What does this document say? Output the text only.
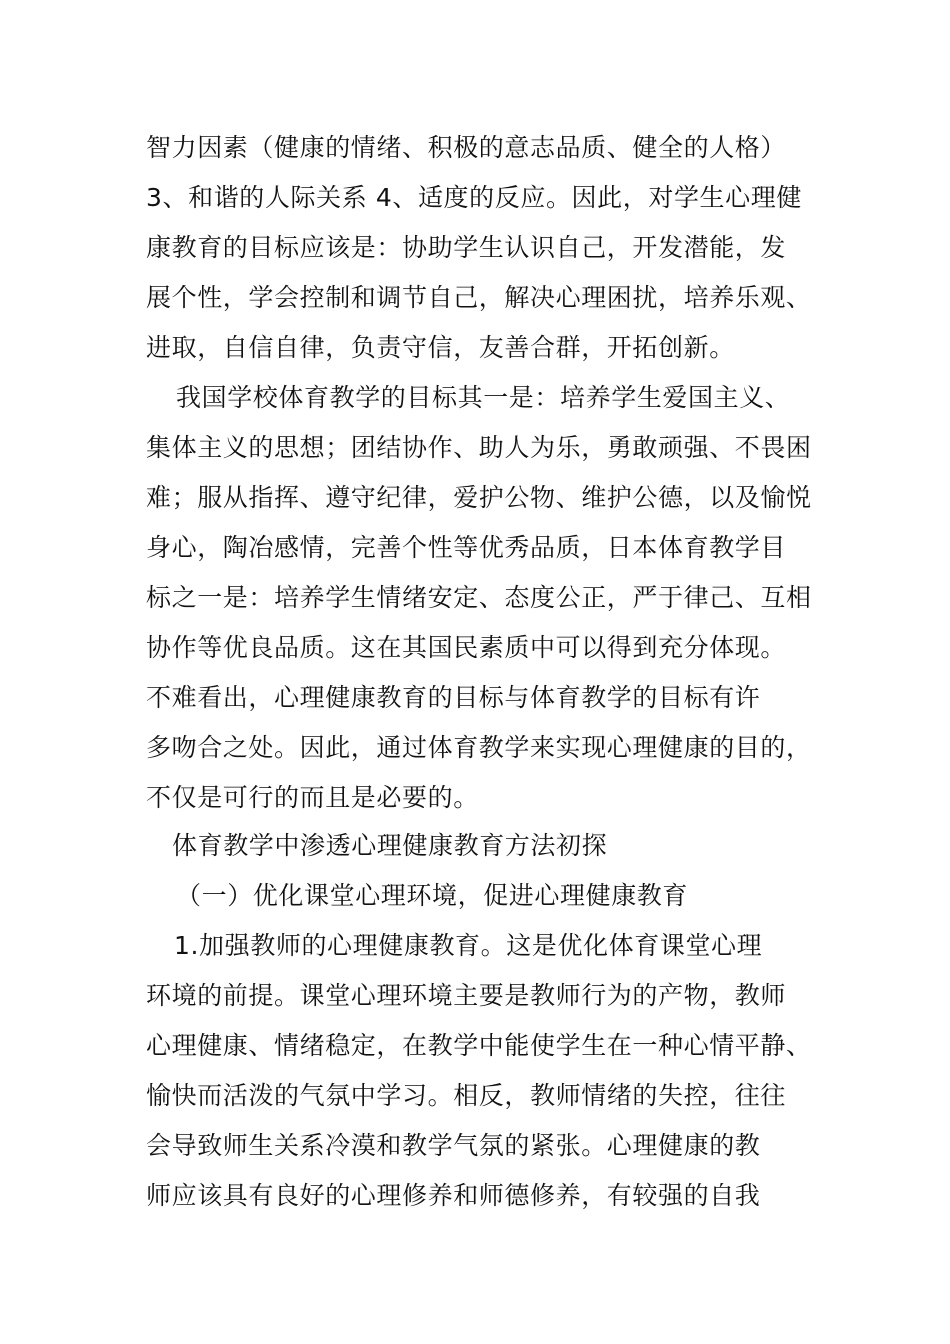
智力因素（健康的情绪、积极的意志品质、健全的人格）
3、和谐的人际关系 4、适度的反应。因此，对学生心理健
康教育的目标应该是：协助学生认识自己，开发潜能，发
展个性，学会控制和调节自己，解决心理困扰，培养乐观、
进取，自信自律，负责守信，友善合群，开拓创新。
我国学校体育教学的目标其一是：培养学生爱国主义、
集体主义的思想；团结协作、助人为乐，勇敢顽强、不畏困
难；服从指挥、遵守纪律，爱护公物、维护公德，以及愉悦
身心，陶冶感情，完善个性等优秀品质，日本体育教学目
标之一是：培养学生情绪安定、态度公正，严于律己、互相
协作等优良品质。这在其国民素质中可以得到充分体现。
不难看出，心理健康教育的目标与体育教学的目标有许
多吻合之处。因此，通过体育教学来实现心理健康的目的，
不仅是可行的而且是必要的。
体育教学中渗透心理健康教育方法初探
（一）优化课堂心理环境，促进心理健康教育
1.加强教师的心理健康教育。这是优化体育课堂心理
环境的前提。课堂心理环境主要是教师行为的产物，教师
心理健康、情绪稳定，在教学中能使学生在一种心情平静、
愉快而活泼的气氛中学习。相反，教师情绪的失控，往往
会导致师生关系冷漠和教学气氛的紧张。心理健康的教
师应该具有良好的心理修养和师德修养，有较强的自我
